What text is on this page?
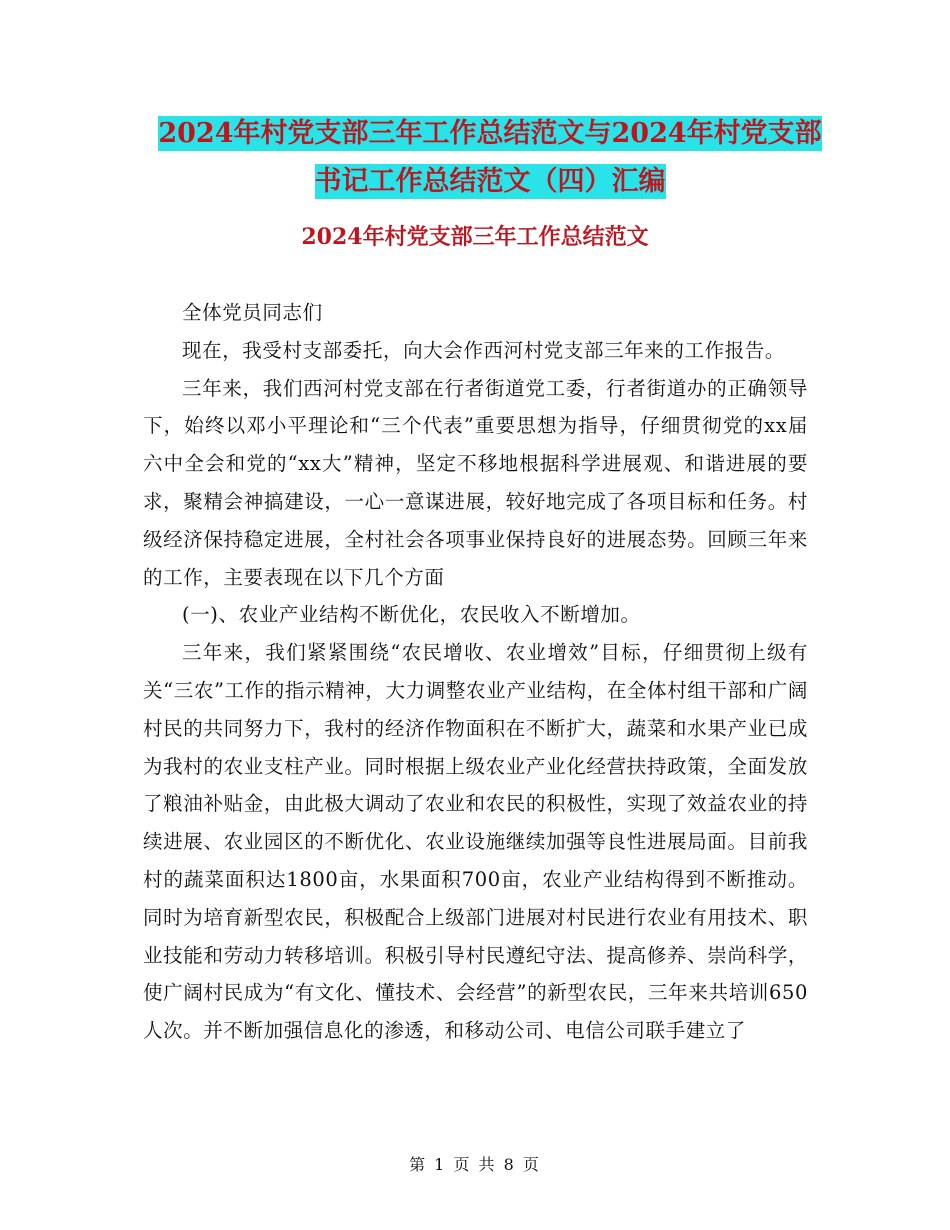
2024年村党支部三年工作总结范文与2024年村党支部
书记工作总结范文（四）汇编
2024年村党支部三年工作总结范文

全体党员同志们

现在，我受村支部委托，向大会作西河村党支部三年来的工作报告。

三年来，我们西河村党支部在行者街道党工委，行者街道办的正确领导下，始终以邓小平理论和“三个代表”重要思想为指导，仔细贯彻党的xx届六中全会和党的“xx大”精神，坚定不移地根据科学进展观、和谐进展的要求，聚精会神搞建设，一心一意谋进展，较好地完成了各项目标和任务。村级经济保持稳定进展，全村社会各项事业保持良好的进展态势。回顾三年来的工作，主要表现在以下几个方面

(一)、农业产业结构不断优化，农民收入不断增加。

三年来，我们紧紧围绕“农民增收、农业增效”目标，仔细贯彻上级有关“三农”工作的指示精神，大力调整农业产业结构，在全体村组干部和广阔村民的共同努力下，我村的经济作物面积在不断扩大，蔬菜和水果产业已成为我村的农业支柱产业。同时根据上级农业产业化经营扶持政策，全面发放了粮油补贴金，由此极大调动了农业和农民的积极性，实现了效益农业的持续进展、农业园区的不断优化、农业设施继续加强等良性进展局面。目前我村的蔬菜面积达1800亩，水果面积700亩，农业产业结构得到不断推动。同时为培育新型农民，积极配合上级部门进展对村民进行农业有用技术、职业技能和劳动力转移培训。积极引导村民遵纪守法、提高修养、崇尚科学，使广阔村民成为“有文化、懂技术、会经营”的新型农民，三年来共培训650人次。并不断加强信息化的渗透，和移动公司、电信公司联手建立了

第 1 页 共 8 页
